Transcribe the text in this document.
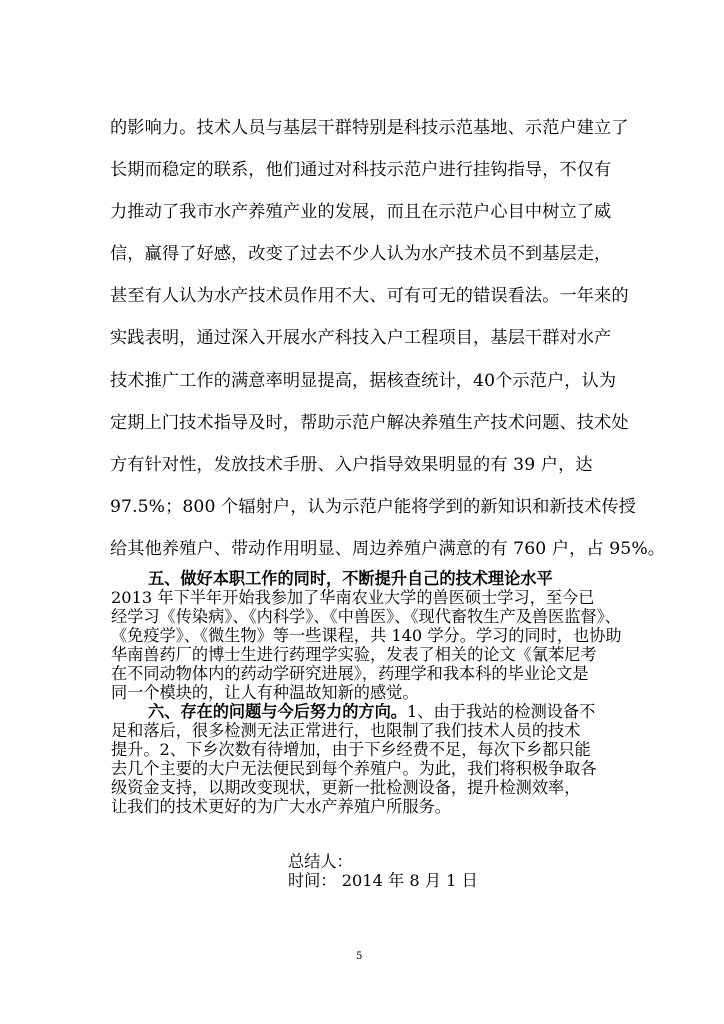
的影响力。技术人员与基层干群特别是科技示范基地、示范户建立了
长期而稳定的联系，他们通过对科技示范户进行挂钩指导，不仅有
力推动了我市水产养殖产业的发展，而且在示范户心目中树立了威
信，赢得了好感，改变了过去不少人认为水产技术员不到基层走，
甚至有人认为水产技术员作用不大、可有可无的错误看法。一年来的
实践表明，通过深入开展水产科技入户工程项目，基层干群对水产
技术推广工作的满意率明显提高，据核查统计，40个示范户，认为
定期上门技术指导及时，帮助示范户解决养殖生产技术问题、技术处
方有针对性，发放技术手册、入户指导效果明显的有 39 户，达
97.5%；800 个辐射户，认为示范户能将学到的新知识和新技术传授
给其他养殖户、带动作用明显、周边养殖户满意的有 760 户，占 95%。
五、做好本职工作的同时，不断提升自己的技术理论水平
2013 年下半年开始我参加了华南农业大学的兽医硕士学习，至今已
经学习《传染病》、《内科学》、《中兽医》、《现代畜牧生产及兽医监督》、
《免疫学》、《微生物》等一些课程，共 140 学分。学习的同时，也协助
华南兽药厂的博士生进行药理学实验，发表了相关的论文《氰苯尼考
在不同动物体内的药动学研究进展》，药理学和我本科的毕业论文是
同一个模块的，让人有种温故知新的感觉。
六、存在的问题与今后努力的方向。1、由于我站的检测设备不
足和落后，很多检测无法正常进行，也限制了我们技术人员的技术
提升。2、下乡次数有待增加，由于下乡经费不足，每次下乡都只能
去几个主要的大户无法便民到每个养殖户。为此，我们将积极争取各
级资金支持，以期改变现状，更新一批检测设备，提升检测效率，
让我们的技术更好的为广大水产养殖户所服务。
总结人：
时间： 2014 年 8 月 1 日
5
